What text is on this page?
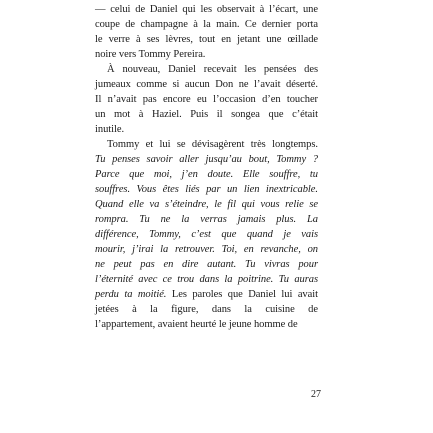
— celui de Daniel qui les observait à l’écart, une
coupe de champagne à la main. Ce dernier porta
le verre à ses lèvres, tout en jetant une œillade
noire vers Tommy Pereira.
À nouveau, Daniel recevait les pensées des
jumeaux comme si aucun Don ne l’avait déserté.
Il n’avait pas encore eu l’occasion d’en toucher
un mot à Haziel. Puis il songea que c’était
inutile.
Tommy et lui se dévisagèrent très longtemps.
Tu penses savoir aller jusqu’au bout, Tommy ?
Parce que moi, j’en doute. Elle souffre, tu
souffres. Vous êtes liés par un lien inextricable.
Quand elle va s’éteindre, le fil qui vous relie se
rompra. Tu ne la verras jamais plus. La
différence, Tommy, c’est que quand je vais
mourir, j’irai la retrouver. Toi, en revanche, on
ne peut pas en dire autant. Tu vivras pour
l’éternité avec ce trou dans la poitrine. Tu auras
perdu ta moitié. Les paroles que Daniel lui avait
jetées à la figure, dans la cuisine de
l’appartement, avaient heurté le jeune homme de
27
